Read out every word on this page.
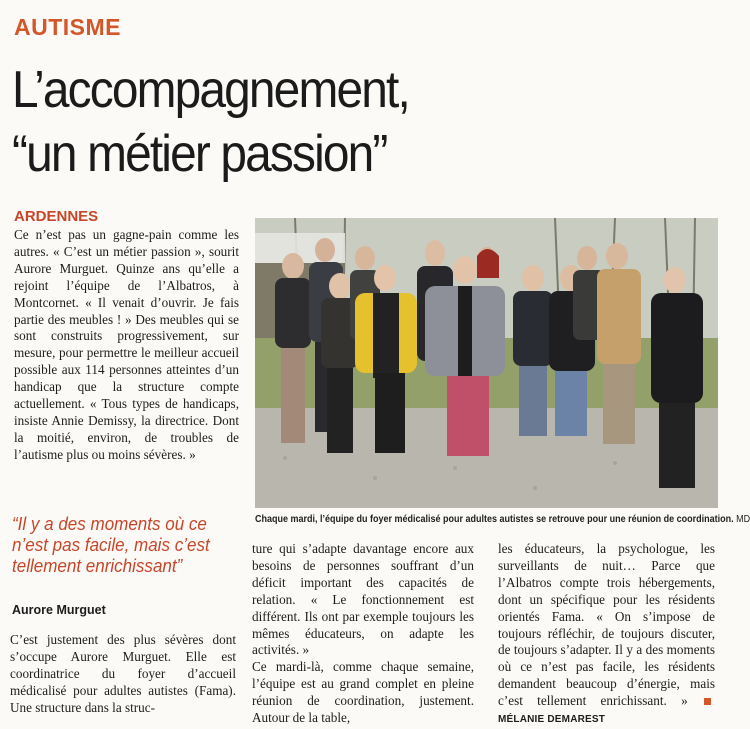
AUTISME
L’accompagnement,
“un métier passion”
ARDENNES

Ce n’est pas un gagne-pain comme les autres. « C’est un métier passion », sourit Aurore Murguet. Quinze ans qu’elle a rejoint l’équipe de l’Albatros, à Montcornet. « Il venait d’ouvrir. Je fais partie des meubles ! » Des meubles qui se sont construits progressivement, sur mesure, pour permettre le meilleur accueil possible aux 114 personnes atteintes d’un handicap que la structure compte actuellement. « Tous types de handicaps, insiste Annie Demissy, la directrice. Dont la moitié, environ, de troubles de l’autisme plus ou moins sévères. »

Chaque mardi, l’équipe du foyer médicalisé pour adultes autistes se retrouve pour une réunion de coordination. MD
“Il y a des moments où ce n’est pas facile, mais c’est tellement enrichissant”
Aurore Murguet
C’est justement des plus sévères dont s’occupe Aurore Murguet. Elle est coordinatrice du foyer d’accueil médicalisé pour adultes autistes (Fama). Une structure dans la struc-

ture qui s’adapte davantage encore aux besoins de personnes souffrant d’un déficit important des capacités de relation. « Le fonctionnement est différent. Ils ont par exemple toujours les mêmes éducateurs, on adapte les activités. »

Ce mardi-là, comme chaque semaine, l’équipe est au grand complet en pleine réunion de coordination, justement. Autour de la table,

les éducateurs, la psychologue, les surveillants de nuit… Parce que l’Albatros compte trois hébergements, dont un spécifique pour les résidents orientés Fama. « On s’impose de toujours réfléchir, de toujours discuter, de toujours s’adapter. Il y a des moments où ce n’est pas facile, les résidents demandent beaucoup d’énergie, mais c’est tellement enrichissant. » MÉLANIE DEMAREST
